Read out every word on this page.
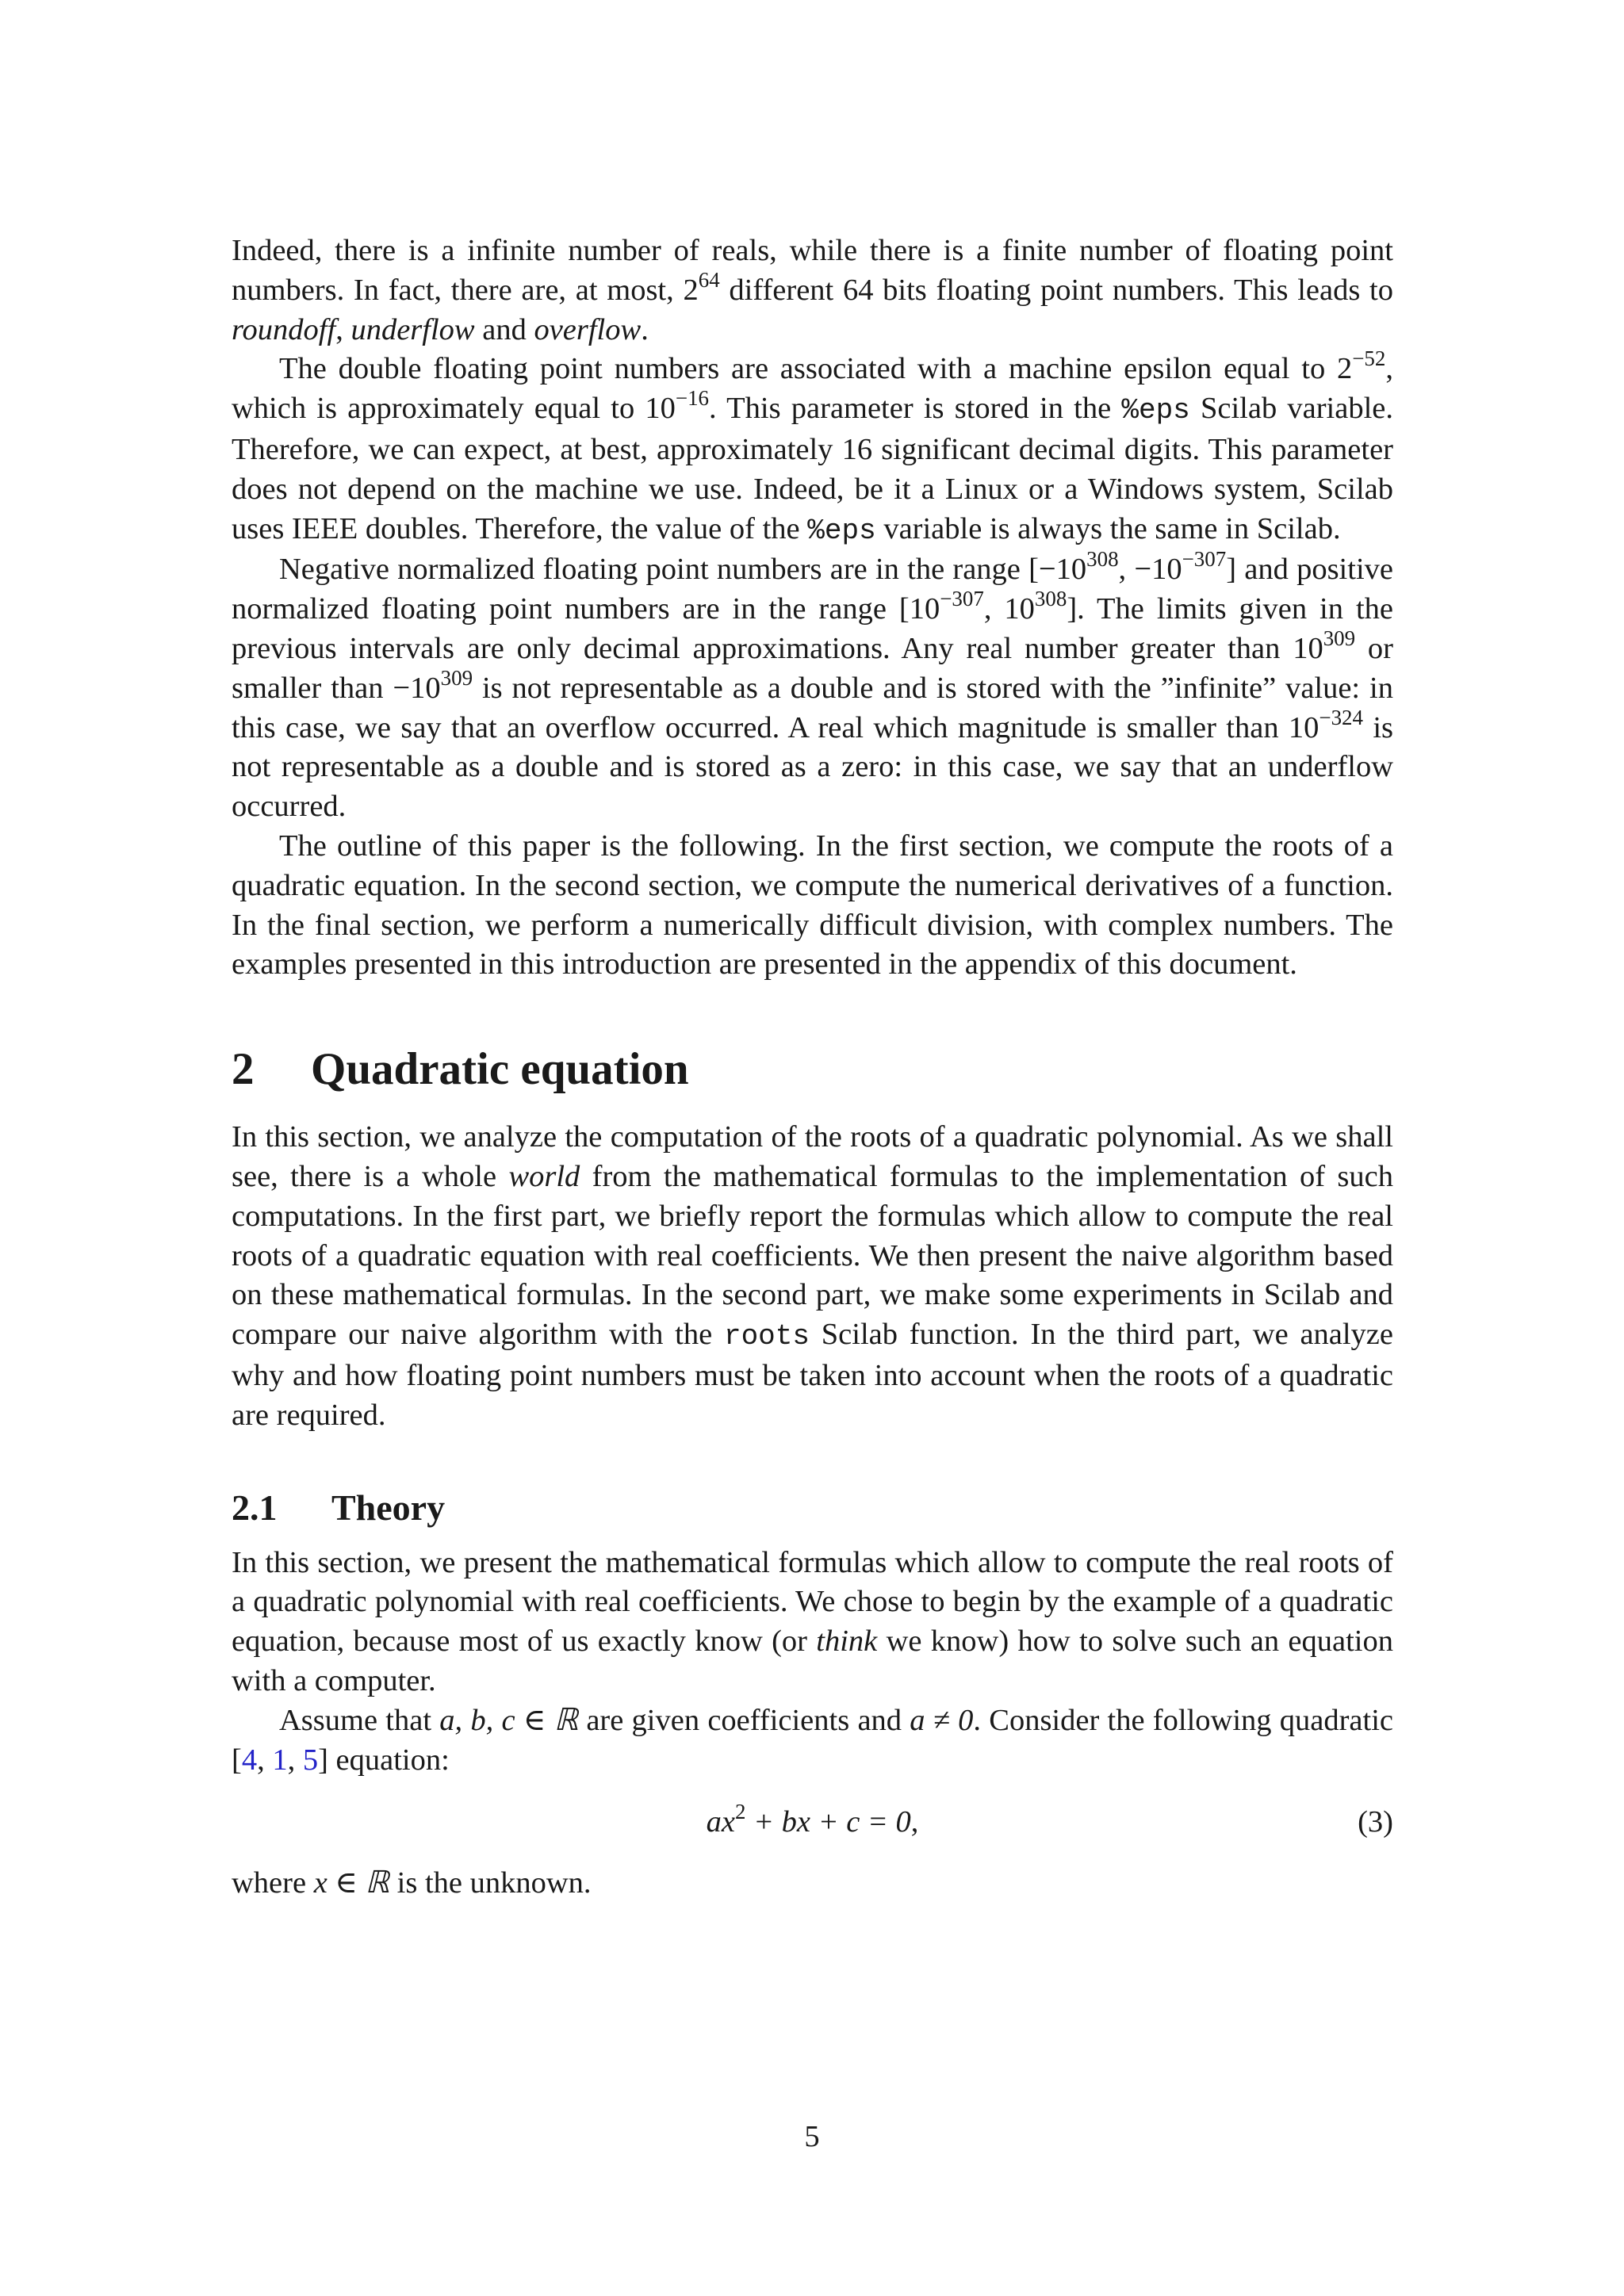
Indeed, there is a infinite number of reals, while there is a finite number of floating point numbers. In fact, there are, at most, $2^{64}$ different 64 bits floating point numbers. This leads to roundoff, underflow and overflow.

The double floating point numbers are associated with a machine epsilon equal to $2^{-52}$, which is approximately equal to $10^{-16}$. This parameter is stored in the %eps Scilab variable. Therefore, we can expect, at best, approximately 16 significant decimal digits. This parameter does not depend on the machine we use. Indeed, be it a Linux or a Windows system, Scilab uses IEEE doubles. Therefore, the value of the %eps variable is always the same in Scilab.

Negative normalized floating point numbers are in the range [$-10^{308}$, $-10^{-307}$] and positive normalized floating point numbers are in the range [$10^{-307}$, $10^{308}$]. The limits given in the previous intervals are only decimal approximations. Any real number greater than $10^{309}$ or smaller than $-10^{309}$ is not representable as a double and is stored with the ”infinite” value: in this case, we say that an overflow occurred. A real which magnitude is smaller than $10^{-324}$ is not representable as a double and is stored as a zero: in this case, we say that an underflow occurred.

The outline of this paper is the following. In the first section, we compute the roots of a quadratic equation. In the second section, we compute the numerical derivatives of a function. In the final section, we perform a numerically difficult division, with complex numbers. The examples presented in this introduction are presented in the appendix of this document.

2 Quadratic equation

In this section, we analyze the computation of the roots of a quadratic polynomial. As we shall see, there is a whole world from the mathematical formulas to the implementation of such computations. In the first part, we briefly report the formulas which allow to compute the real roots of a quadratic equation with real coefficients. We then present the naive algorithm based on these mathematical formulas. In the second part, we make some experiments in Scilab and compare our naive algorithm with the roots Scilab function. In the third part, we analyze why and how floating point numbers must be taken into account when the roots of a quadratic are required.

2.1 Theory

In this section, we present the mathematical formulas which allow to compute the real roots of a quadratic polynomial with real coefficients. We chose to begin by the example of a quadratic equation, because most of us exactly know (or think we know) how to solve such an equation with a computer.

Assume that a, b, c ∈ ℝ are given coefficients and a ≠ 0. Consider the following quadratic [4, 1, 5] equation:

$ax^2$ + bx + c = 0,	(3)

where x ∈ ℝ is the unknown.

5
